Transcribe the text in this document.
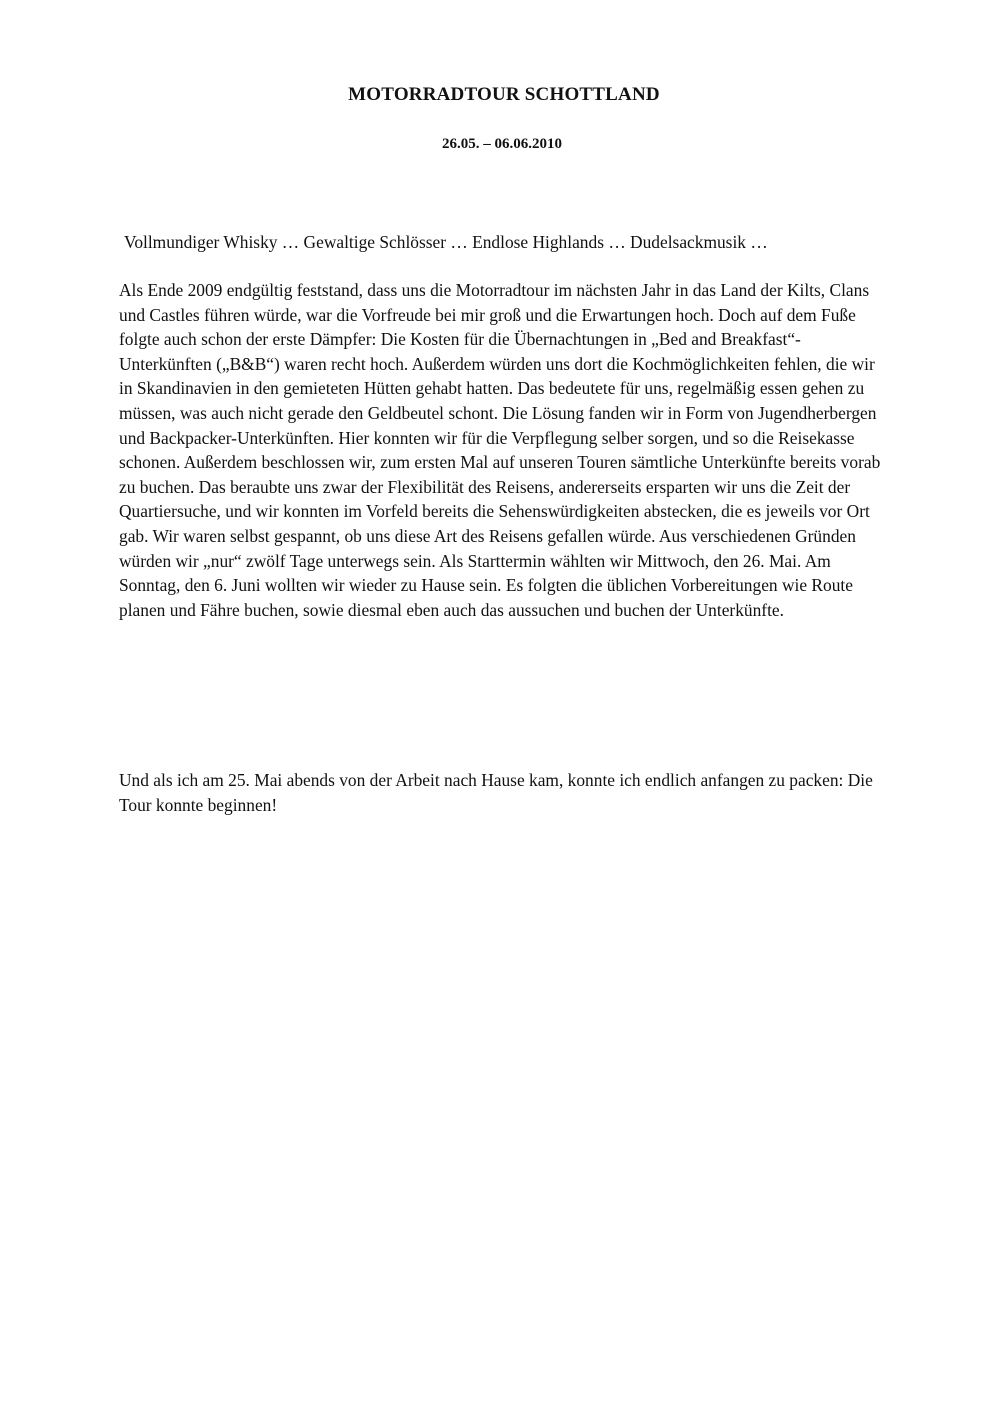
MOTORRADTOUR SCHOTTLAND

26.05. – 06.06.2010

Vollmundiger Whisky … Gewaltige Schlösser … Endlose Highlands … Dudelsackmusik …

Als Ende 2009 endgültig feststand, dass uns die Motorradtour im nächsten Jahr in das Land der Kilts, Clans und Castles führen würde, war die Vorfreude bei mir groß und die Erwartungen hoch. Doch auf dem Fuße folgte auch schon der erste Dämpfer: Die Kosten für die Übernachtungen in „Bed and Breakfast“-Unterkünften („B&B“) waren recht hoch. Außerdem würden uns dort die Kochmöglichkeiten fehlen, die wir in Skandinavien in den gemieteten Hütten gehabt hatten. Das bedeutete für uns, regelmäßig essen gehen zu müssen, was auch nicht gerade den Geldbeutel schont. Die Lösung fanden wir in Form von Jugendherbergen und Backpacker-Unterkünften. Hier konnten wir für die Verpflegung selber sorgen, und so die Reisekasse schonen. Außerdem beschlossen wir, zum ersten Mal auf unseren Touren sämtliche Unterkünfte bereits vorab zu buchen. Das beraubte uns zwar der Flexibilität des Reisens, andererseits ersparten wir uns die Zeit der Quartiersuche, und wir konnten im Vorfeld bereits die Sehenswürdigkeiten abstecken, die es jeweils vor Ort gab. Wir waren selbst gespannt, ob uns diese Art des Reisens gefallen würde. Aus verschiedenen Gründen würden wir „nur“ zwölf Tage unterwegs sein. Als Starttermin wählten wir Mittwoch, den 26. Mai. Am Sonntag, den 6. Juni wollten wir wieder zu Hause sein. Es folgten die üblichen Vorbereitungen wie Route planen und Fähre buchen, sowie diesmal eben auch das aussuchen und buchen der Unterkünfte.

Und als ich am 25. Mai abends von der Arbeit nach Hause kam, konnte ich endlich anfangen zu packen: Die Tour konnte beginnen!
